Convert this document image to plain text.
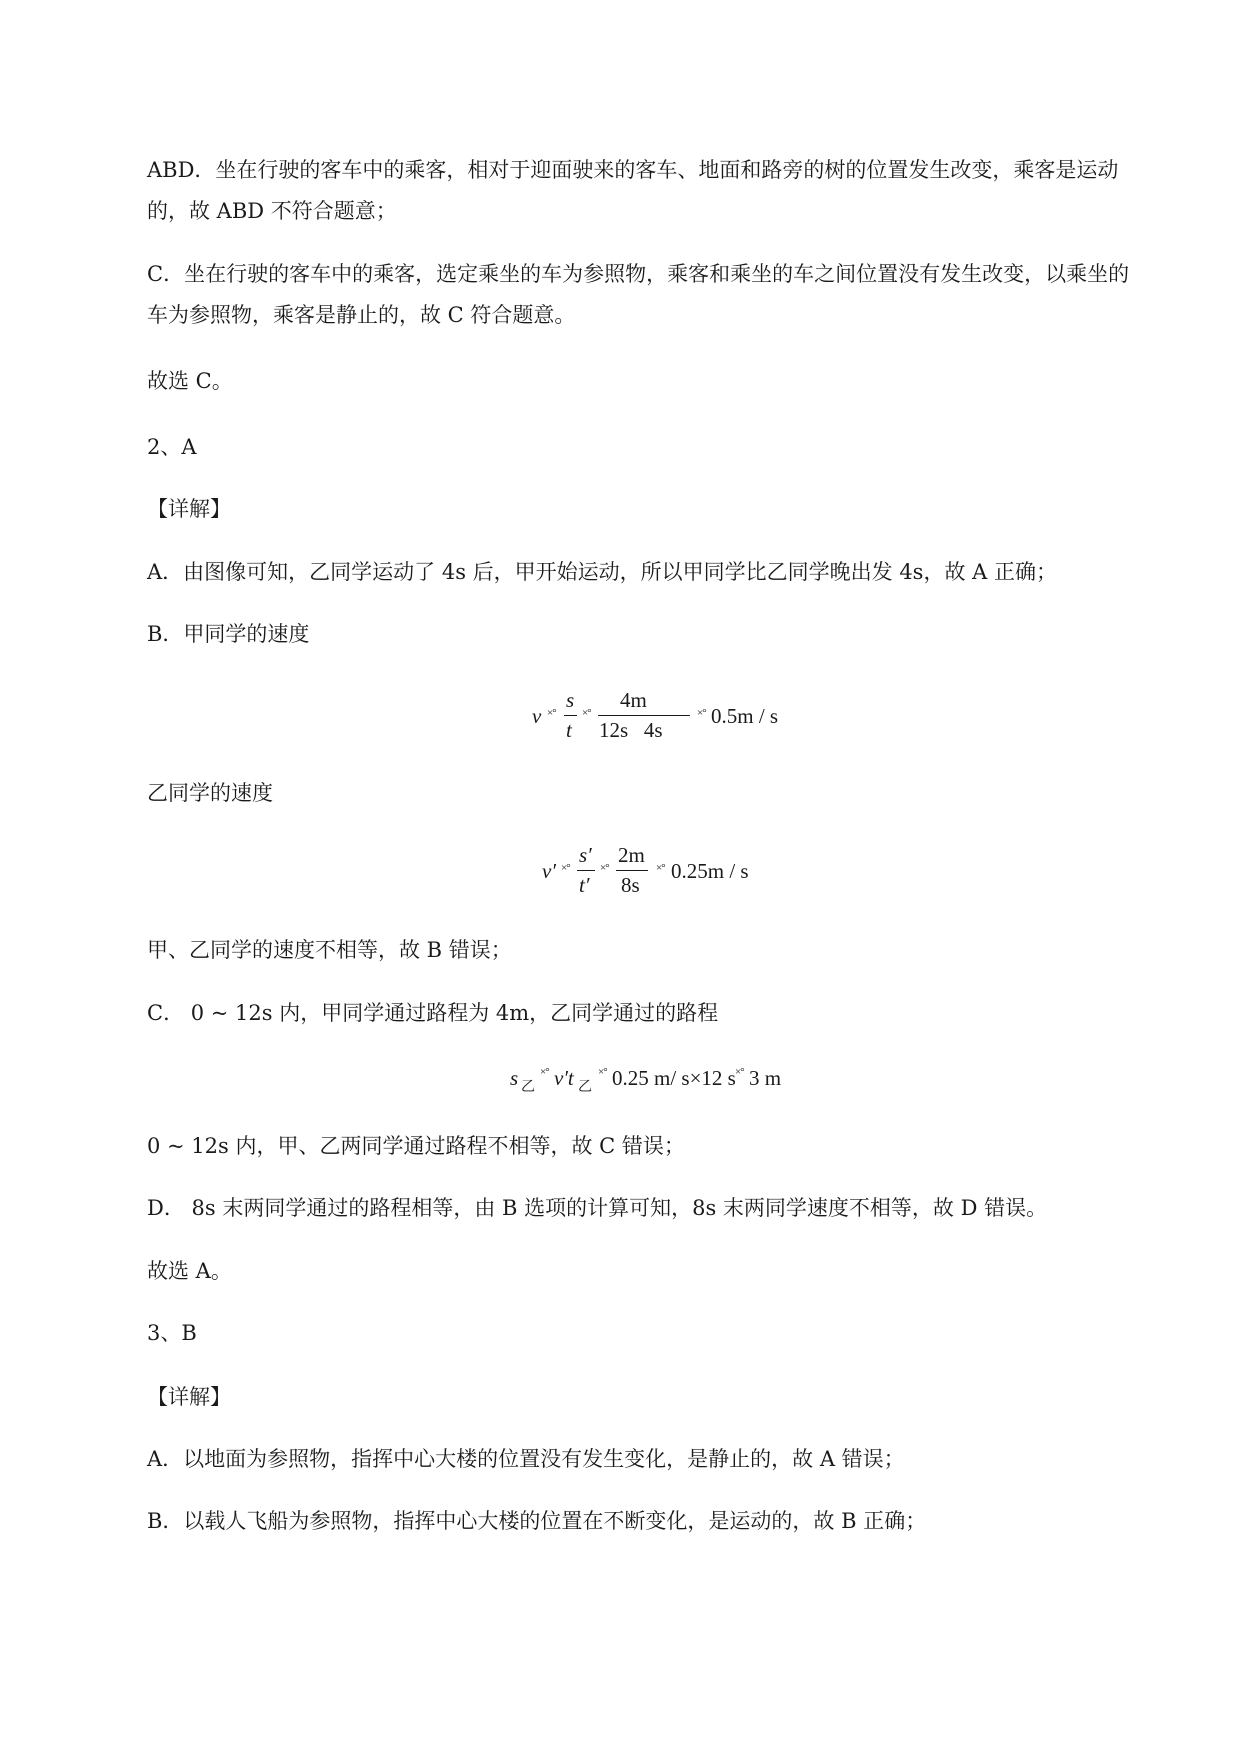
ABD．坐在行驶的客车中的乘客，相对于迎面驶来的客车、地面和路旁的树的位置发生改变，乘客是运动的，故 ABD 不符合题意；
C．坐在行驶的客车中的乘客，选定乘坐的车为参照物，乘客和乘坐的车之间位置没有发生改变，以乘坐的车为参照物，乘客是静止的，故 C 符合题意。
故选 C。
2、A
【详解】
A．由图像可知，乙同学运动了 4s 后，甲开始运动，所以甲同学比乙同学晚出发 4s，故 A 正确；
B．甲同学的速度
v ×°
s
t
×°
4m
12s   4s
×° 0.5m / s
乙同学的速度
v′ ×°
s′
t′
×°
2m
8s
×° 0.25m / s
甲、乙同学的速度不相等，故 B 错误；
C． 0 ~ 12s 内，甲同学通过路程为 4m，乙同学通过的路程
s 乙
×° v′t 乙
×° 0.25 m/ s×12 s ×° 3 m
0 ~ 12s 内，甲、乙两同学通过路程不相等，故 C 错误；
D． 8s 末两同学通过的路程相等，由 B 选项的计算可知，8s 末两同学速度不相等，故 D 错误。
故选 A。
3、B
【详解】
A．以地面为参照物，指挥中心大楼的位置没有发生变化，是静止的，故 A 错误；
B．以载人飞船为参照物，指挥中心大楼的位置在不断变化，是运动的，故 B 正确；
